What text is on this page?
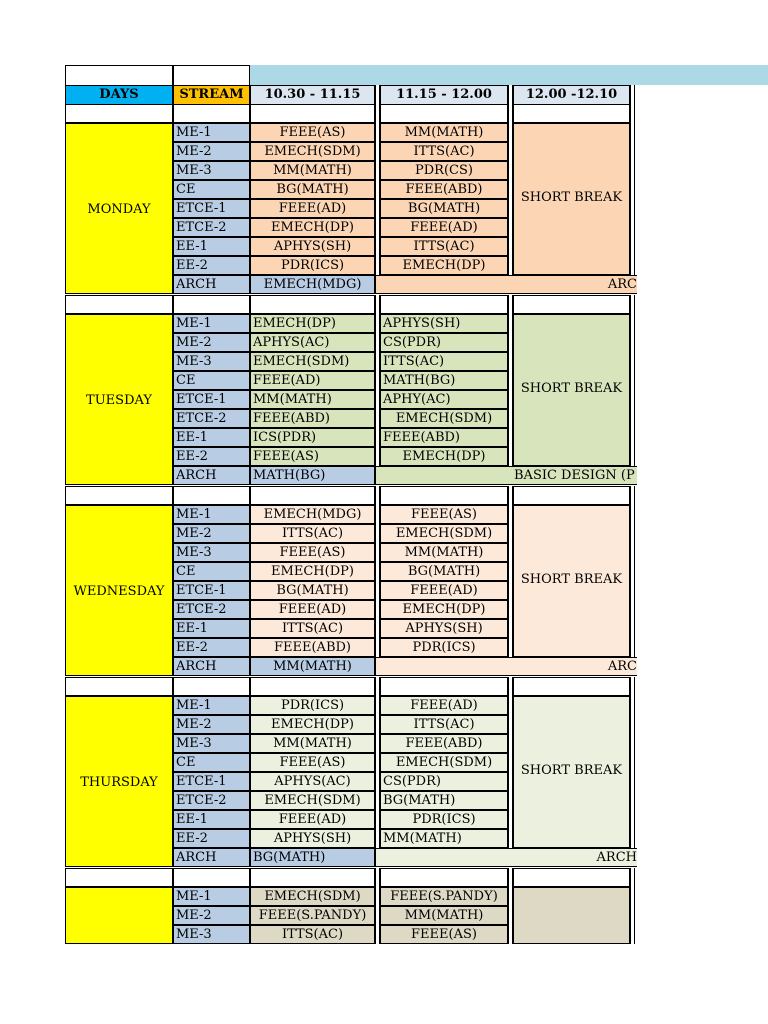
DAYS	STREAM	10.30 - 11.15	11.15 - 12.00	12.00 -12.10
MONDAY
ME-1	FEEE(AS)	MM(MATH)
ME-2	EMECH(SDM)	ITTS(AC)
ME-3	MM(MATH)	PDR(CS)
CE	BG(MATH)	FEEE(ABD)
ETCE-1	FEEE(AD)	BG(MATH)
ETCE-2	EMECH(DP)	FEEE(AD)
EE-1	APHYS(SH)	ITTS(AC)
EE-2	PDR(ICS)	EMECH(DP)
SHORT BREAK
ARCH	EMECH(MDG)	ARC
TUESDAY
ME-1	EMECH(DP)	APHYS(SH)
ME-2	APHYS(AC)	CS(PDR)
ME-3	EMECH(SDM)	ITTS(AC)
CE	FEEE(AD)	MATH(BG)
ETCE-1	MM(MATH)	APHY(AC)
ETCE-2	FEEE(ABD)	EMECH(SDM)
EE-1	ICS(PDR)	FEEE(ABD)
EE-2	FEEE(AS)	EMECH(DP)
SHORT BREAK
ARCH	MATH(BG)	BASIC DESIGN (P
WEDNESDAY
ME-1	EMECH(MDG)	FEEE(AS)
ME-2	ITTS(AC)	EMECH(SDM)
ME-3	FEEE(AS)	MM(MATH)
CE	EMECH(DP)	BG(MATH)
ETCE-1	BG(MATH)	FEEE(AD)
ETCE-2	FEEE(AD)	EMECH(DP)
EE-1	ITTS(AC)	APHYS(SH)
EE-2	FEEE(ABD)	PDR(ICS)
SHORT BREAK
ARCH	MM(MATH)	ARC
THURSDAY
ME-1	PDR(ICS)	FEEE(AD)
ME-2	EMECH(DP)	ITTS(AC)
ME-3	MM(MATH)	FEEE(ABD)
CE	FEEE(AS)	EMECH(SDM)
ETCE-1	APHYS(AC)	CS(PDR)
ETCE-2	EMECH(SDM)	BG(MATH)
EE-1	FEEE(AD)	PDR(ICS)
EE-2	APHYS(SH)	MM(MATH)
SHORT BREAK
ARCH	BG(MATH)	ARCH
ME-1	EMECH(SDM)	FEEE(S.PANDY)
ME-2	FEEE(S.PANDY)	MM(MATH)
ME-3	ITTS(AC)	FEEE(AS)
